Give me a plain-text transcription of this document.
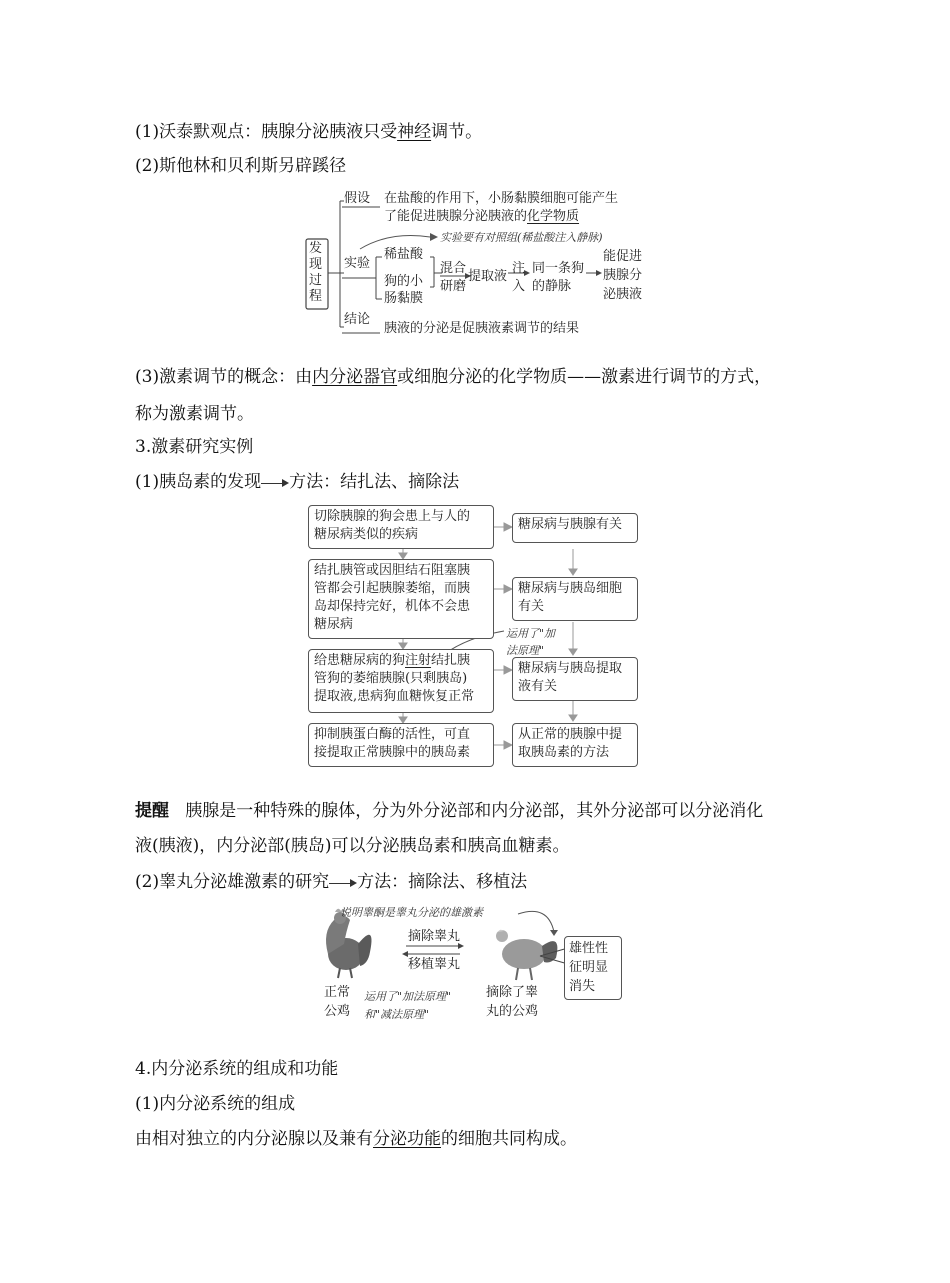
(1)沃泰默观点：胰腺分泌胰液只受神经调节。
(2)斯他林和贝利斯另辟蹊径
发现过程
假设 在盐酸的作用下，小肠黏膜细胞可能产生
了能促进胰腺分泌胰液的化学物质
实验要有对照组(稀盐酸注入静脉)
实验
稀盐酸
狗的小
肠黏膜
混合
研磨
提取液
注
入
同一条狗
的静脉
能促进
胰腺分
泌胰液
结论
胰液的分泌是促胰液素调节的结果
(3)激素调节的概念：由内分泌器官或细胞分泌的化学物质——激素进行调节的方式，
称为激素调节。
3.激素研究实例
(1)胰岛素的发现 方法：结扎法、摘除法
切除胰腺的狗会患上与人的
糖尿病类似的疾病
结扎胰管或因胆结石阻塞胰
管都会引起胰腺萎缩，而胰
岛却保持完好，机体不会患
糖尿病
给患糖尿病的狗注射结扎胰
管狗的萎缩胰腺(只剩胰岛)
提取液,患病狗血糖恢复正常
抑制胰蛋白酶的活性，可直
接提取正常胰腺中的胰岛素
糖尿病与胰腺有关
糖尿病与胰岛细胞
有关
糖尿病与胰岛提取
液有关
从正常的胰腺中提
取胰岛素的方法
运用了"加
法原理"
提醒 胰腺是一种特殊的腺体，分为外分泌部和内分泌部，其外分泌部可以分泌消化
液(胰液)，内分泌部(胰岛)可以分泌胰岛素和胰高血糖素。
(2)睾丸分泌雄激素的研究 方法：摘除法、移植法
说明睾酮是睾丸分泌的雄激素
摘除睾丸
移植睾丸
正常
公鸡
运用了"加法原理"
和"减法原理"
摘除了睾
丸的公鸡
雄性性
征明显
消失
4.内分泌系统的组成和功能
(1)内分泌系统的组成
由相对独立的内分泌腺以及兼有分泌功能的细胞共同构成。
